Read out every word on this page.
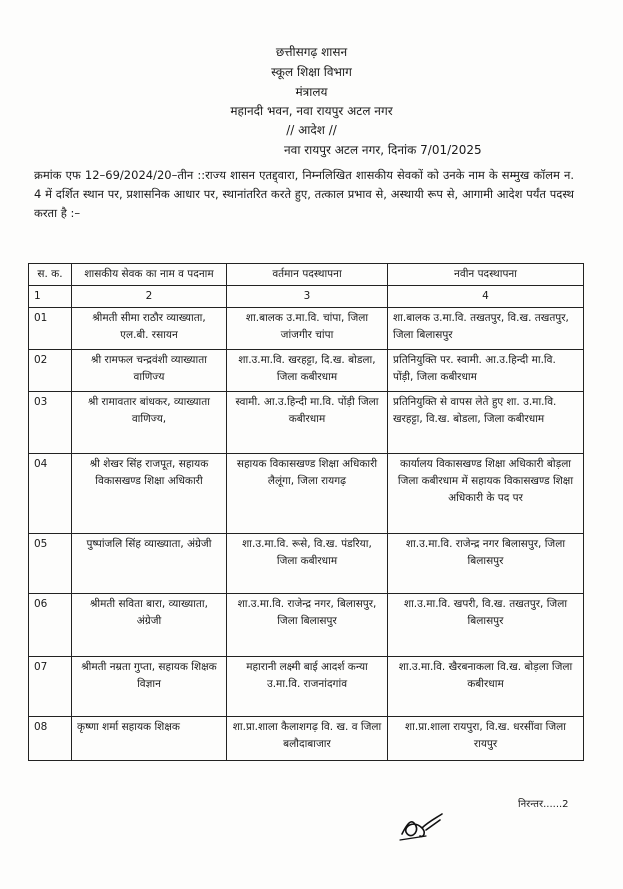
छत्तीसगढ़ शासन
स्कूल शिक्षा विभाग
मंत्रालय
महानदी भवन, नवा रायपुर अटल नगर
// आदेश //
नवा रायपुर अटल नगर, दिनांक 7/01/2025
क्रमांक एफ 12–69/2024/20–तीन ::राज्य शासन एतद्द्वारा, निम्नलिखित शासकीय सेवकों को उनके नाम के सम्मुख कॉलम न. 4 में दर्शित स्थान पर, प्रशासनिक आधार पर, स्थानांतरित करते हुए, तत्काल प्रभाव से, अस्थायी रूप से, आगामी आदेश पर्यंत पदस्थ करता है :–
स. क.	शासकीय सेवक का नाम व पदनाम	वर्तमान पदस्थापना	नवीन पदस्थापना
1	2	3	4
01	श्रीमती सीमा राठौर व्याख्याता, एल.बी. रसायन	शा.बालक उ.मा.वि. चांपा, जिला जांजगीर चांपा	शा.बालक उ.मा.वि. तखतपुर, वि.ख. तखतपुर, जिला बिलासपुर
02	श्री रामफल चन्द्रवंशी व्याख्याता वाणिज्य	शा.उ.मा.वि. खरहट्टा, दि.ख. बोडला, जिला कबीरधाम	प्रतिनियुक्ति पर. स्वामी. आ.उ.हिन्दी मा.वि. पोंड़ी, जिला कबीरधाम
03	श्री रामावतार बांधकर, व्याख्याता वाणिज्य,	स्वामी. आ.उ.हिन्दी मा.वि. पोंड़ी जिला कबीरधाम	प्रतिनियुक्ति से वापस लेते हुए शा. उ.मा.वि. खरहट्टा, वि.ख. बोडला, जिला कबीरधाम
04	श्री शेखर सिंह राजपूत, सहायक विकासखण्ड शिक्षा अधिकारी	सहायक विकासखण्ड शिक्षा अधिकारी लैलूंगा, जिला रायगढ़	कार्यालय विकासखण्ड शिक्षा अधिकारी बोड़ला जिला कबीरधाम में सहायक विकासखण्ड शिक्षा अधिकारी के पद पर
05	पुष्पांजलि सिंह व्याख्याता, अंग्रेजी	शा.उ.मा.वि. रूसे, वि.ख. पंडरिया, जिला कबीरधाम	शा.उ.मा.वि. राजेन्द्र नगर बिलासपुर, जिला बिलासपुर
06	श्रीमती सविता बारा, व्याख्याता, अंग्रेजी	शा.उ.मा.वि. राजेन्द्र नगर, बिलासपुर, जिला बिलासपुर	शा.उ.मा.वि. खपरी, वि.ख. तखतपुर, जिला बिलासपुर
07	श्रीमती नम्रता गुप्ता, सहायक शिक्षक विज्ञान	महारानी लक्ष्मी बाई आदर्श कन्या उ.मा.वि. राजनांदगांव	शा.उ.मा.वि. खैरबनाकला वि.ख. बोड़ला जिला कबीरधाम
08	कृष्णा शर्मा सहायक शिक्षक	शा.प्रा.शाला कैलाशगढ़ वि. ख. व जिला बलौदाबाजार	शा.प्रा.शाला रायपुरा, वि.ख. धरसींवा जिला रायपुर
निरन्तर......2
